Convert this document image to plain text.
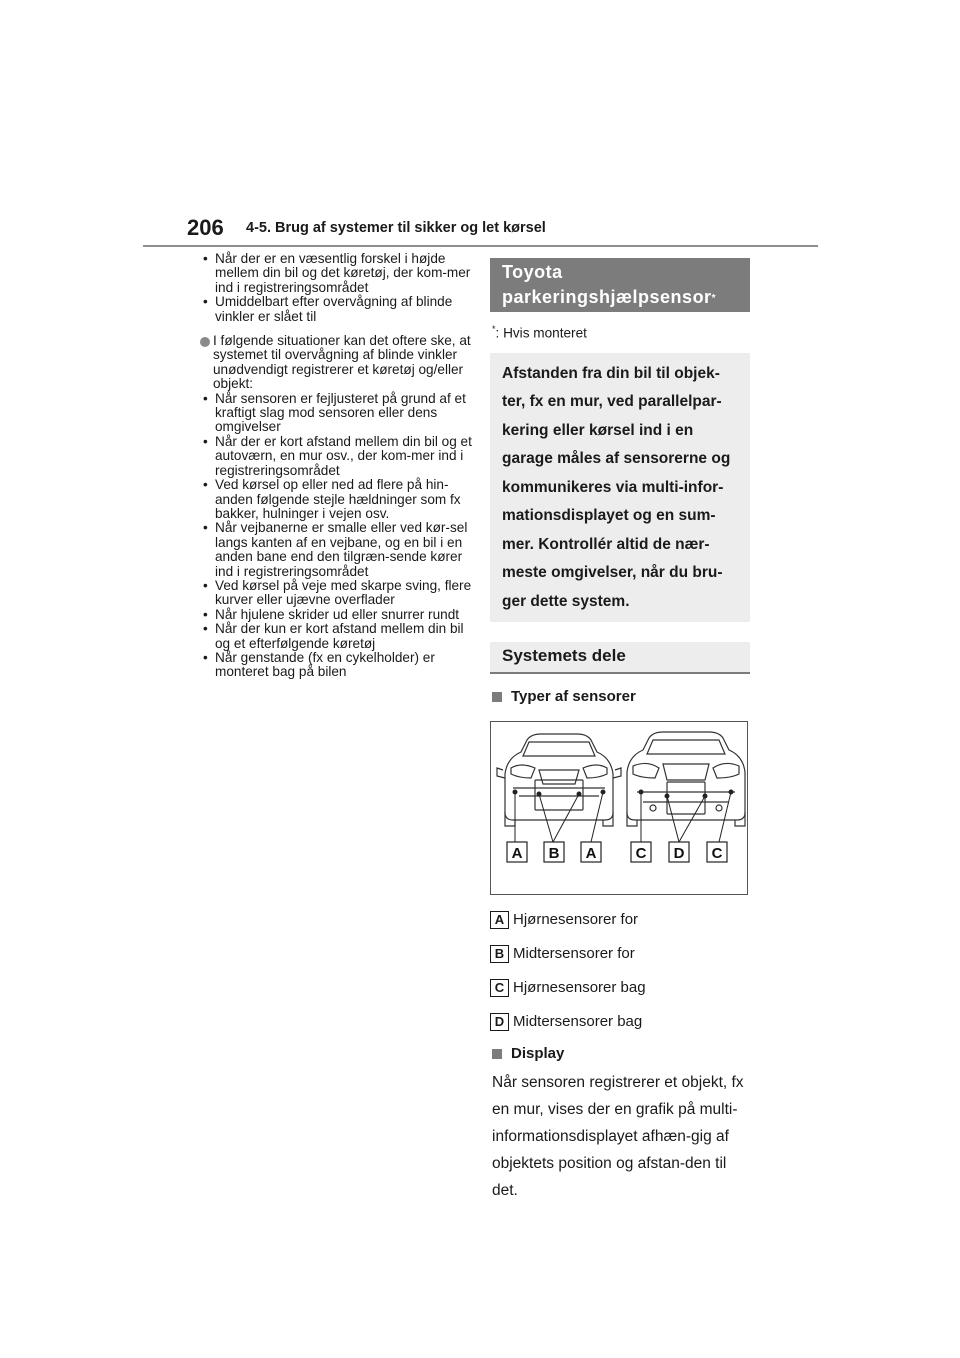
206 4-5. Brug af systemer til sikker og let kørsel

• Når der er en væsentlig forskel i højde mellem din bil og det køretøj, der kom-mer ind i registreringsområdet

• Umiddelbart efter overvågning af blinde vinkler er slået til

I følgende situationer kan det oftere ske, at systemet til overvågning af blinde vinkler unødvendigt registrerer et køretøj og/eller objekt:

• Når sensoren er fejljusteret på grund af et kraftigt slag mod sensoren eller dens omgivelser

• Når der er kort afstand mellem din bil og et autoværn, en mur osv., der kom-mer ind i registreringsområdet

• Ved kørsel op eller ned ad flere på hin-anden følgende stejle hældninger som fx bakker, hulninger i vejen osv.

• Når vejbanerne er smalle eller ved kør-sel langs kanten af en vejbane, og en bil i en anden bane end den tilgræn-sende kører ind i registreringsområdet

• Ved kørsel på veje med skarpe sving, flere kurver eller ujævne overflader

• Når hjulene skrider ud eller snurrer rundt

• Når der kun er kort afstand mellem din bil og et efterfølgende køretøj

• Når genstande (fx en cykelholder) er monteret bag på bilen

Toyota
parkeringshjælpsensor*
*: Hvis monteret
Afstanden fra din bil til objek-ter, fx en mur, ved parallelpar-kering eller kørsel ind i en garage måles af sensorerne og kommunikeres via multi-infor-mationsdisplayet og en sum-mer. Kontrollér altid de nær-meste omgivelser, når du bru-ger dette system.
Systemets dele
Typer af sensorer
A B A	C D C
A Hjørnesensorer for
B Midtersensorer for
C Hjørnesensorer bag
D Midtersensorer bag
Display
Når sensoren registrerer et objekt, fx en mur, vises der en grafik på multi-informationsdisplayet afhæn-gig af objektets position og afstan-den til det.
